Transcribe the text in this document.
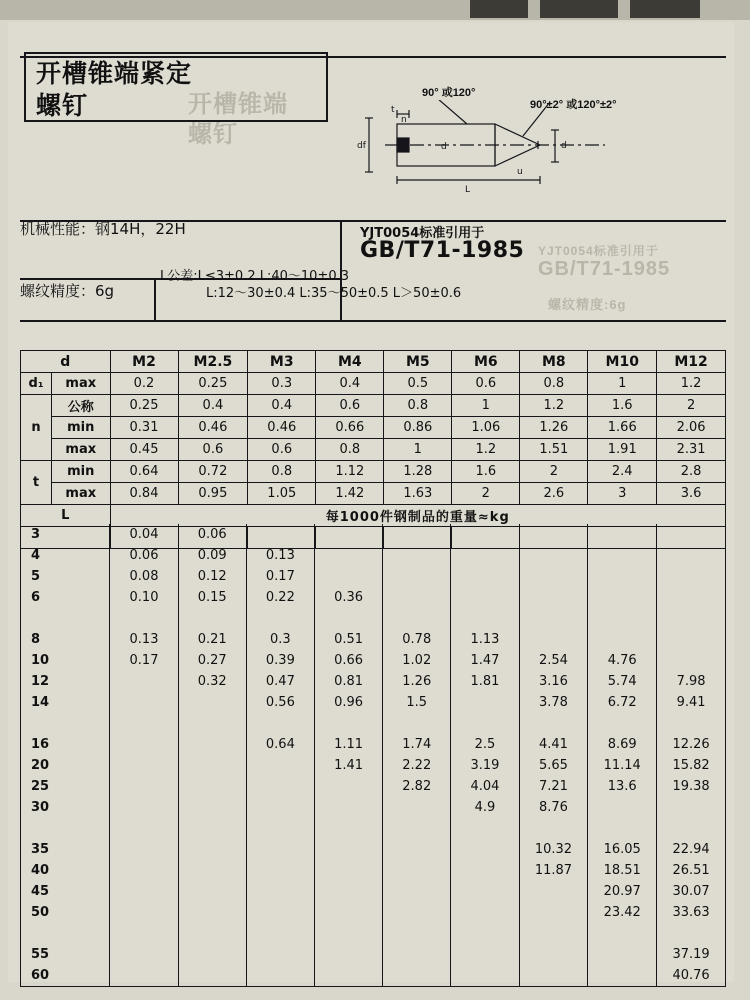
开槽锥端
螺钉
YJT0054标准引用于
GB/T71-1985
螺纹精度:6g
开槽锥端紧定
螺钉
机械性能：钢14H，22H
螺纹精度：6g
L公差:L≤3±0.2 L:40～10±0.3
L:12～30±0.4 L:35～50±0.5 L＞50±0.6
YJT0054标准引用于
GB/T71-1985
90° 或120°
90°±2° 或120°±2°
df	d
n
t
d
u
L
d		M2	M2.5	M3	M4	M5	M6	M8	M10	M12
d₁	max	0.2	0.25	0.3	0.4	0.5	0.6	0.8	1	1.2
n	公称	0.25	0.4	0.4	0.6	0.8	1	1.2	1.6	2
	min	0.31	0.46	0.46	0.66	0.86	1.06	1.26	1.66	2.06
	max	0.45	0.6	0.6	0.8	1	1.2	1.51	1.91	2.31
t	min	0.64	0.72	0.8	1.12	1.28	1.6	2	2.4	2.8
	max	0.84	0.95	1.05	1.42	1.63	2	2.6	3	3.6
L		每1000件钢制品的重量≈kg								

3	0.04	0.06							
4	0.06	0.09	0.13						
5	0.08	0.12	0.17						
6	0.10	0.15	0.22	0.36					

8	0.13	0.21	0.3	0.51	0.78	1.13			
10	0.17	0.27	0.39	0.66	1.02	1.47	2.54	4.76	
12		0.32	0.47	0.81	1.26	1.81	3.16	5.74	7.98
14			0.56	0.96	1.5		3.78	6.72	9.41

16			0.64	1.11	1.74	2.5	4.41	8.69	12.26
20				1.41	2.22	3.19	5.65	11.14	15.82
25					2.82	4.04	7.21	13.6	19.38
30						4.9	8.76		

35							10.32	16.05	22.94
40							11.87	18.51	26.51
45								20.97	30.07
50								23.42	33.63

55									37.19
60									40.76
